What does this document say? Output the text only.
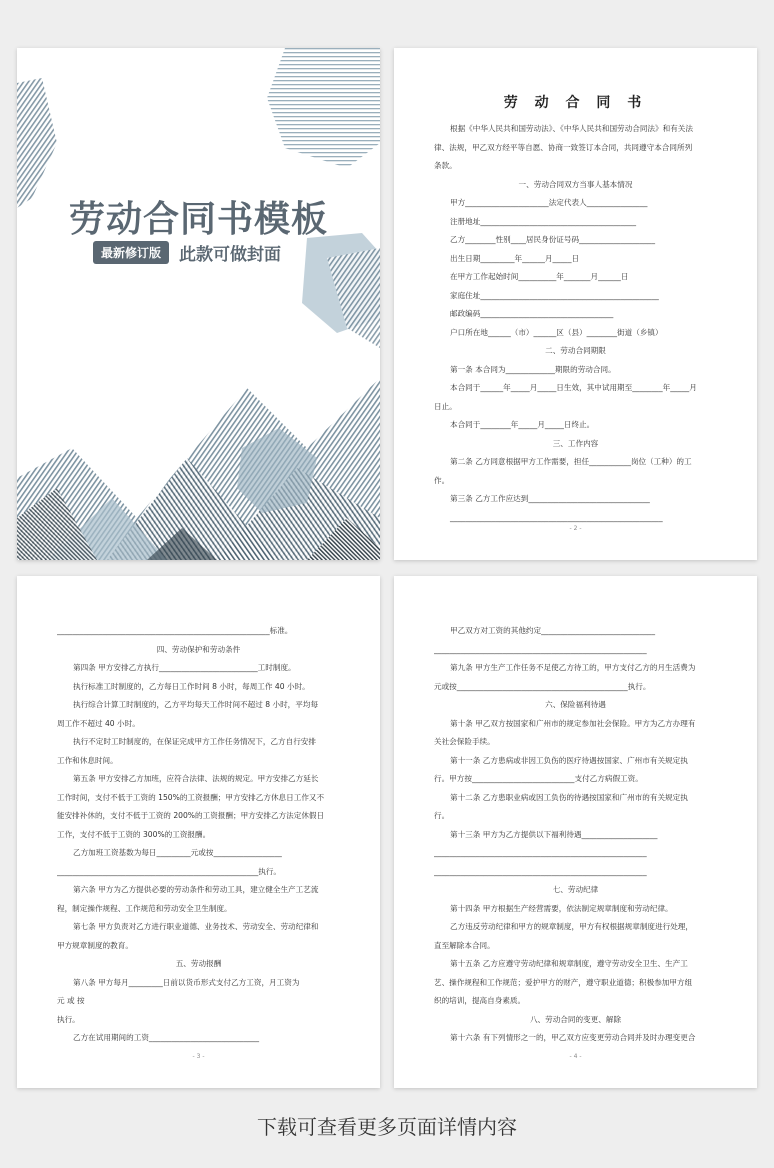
劳动合同书模板
最新修订版	此款可做封面
劳 动 合 同 书
根据《中华人民共和国劳动法》、《中华人民共和国劳动合同法》和有关法
律、法规，甲乙双方经平等自愿、协商一致签订本合同，共同遵守本合同所列
条款。
一、劳动合同双方当事人基本情况
甲方______________________法定代表人________________
注册地址_________________________________________
乙方________性别____居民身份证号码____________________
出生日期_________年______月_____日
在甲方工作起始时间__________年_______月______日
家庭住址_______________________________________________
邮政编码___________________________________
户口所在地______（市）______区（县）________街道（乡镇）
二、劳动合同期限
第一条 本合同为_____________期限的劳动合同。
本合同于______年_____月_____日生效，其中试用期至________年_____月
日止。
本合同于________年_____月_____日终止。
三、工作内容
第二条 乙方同意根据甲方工作需要，担任___________岗位（工种）的工
作。
第三条 乙方工作应达到________________________________
________________________________________________________
- 2 -
________________________________________________________标准。
四、劳动保护和劳动条件
第四条 甲方安排乙方执行__________________________工时制度。
执行标准工时制度的，乙方每日工作时间 8 小时，每周工作 40 小时。
执行综合计算工时制度的，乙方平均每天工作时间不超过 8 小时，平均每
周工作不超过 40 小时。
执行不定时工时制度的，在保证完成甲方工作任务情况下，乙方自行安排
工作和休息时间。
第五条 甲方安排乙方加班，应符合法律、法规的规定。甲方安排乙方延长
工作时间，支付不低于工资的 150%的工资报酬；甲方安排乙方休息日工作又不
能安排补休的，支付不低于工资的 200%的工资报酬；甲方安排乙方法定休假日
工作，支付不低于工资的 300%的工资报酬。
乙方加班工资基数为每日_________元或按__________________
_____________________________________________________执行。
第六条 甲方为乙方提供必要的劳动条件和劳动工具，建立健全生产工艺流
程，制定操作规程、工作规范和劳动安全卫生制度。
第七条 甲方负责对乙方进行职业道德、业务技术、劳动安全、劳动纪律和
甲方规章制度的教育。
五、劳动报酬
第八条 甲方每月_________日前以货币形式支付乙方工资，月工资为
元 或 按
执行。
乙方在试用期间的工资_____________________________
- 3 -
甲乙双方对工资的其他约定______________________________
________________________________________________________
第九条 甲方生产工作任务不足使乙方待工的，甲方支付乙方的月生活费为
元或按_____________________________________________执行。
六、保险福利待遇
第十条 甲乙双方按国家和广州市的规定参加社会保险。甲方为乙方办理有
关社会保险手续。
第十一条 乙方患病或非因工负伤的医疗待遇按国家、广州市有关规定执
行。甲方按___________________________支付乙方病假工资。
第十二条 乙方患职业病或因工负伤的待遇按国家和广州市的有关规定执
行。
第十三条 甲方为乙方提供以下福利待遇____________________
________________________________________________________
________________________________________________________
七、劳动纪律
第十四条 甲方根据生产经营需要，依法制定规章制度和劳动纪律。
乙方违反劳动纪律和甲方的规章制度，甲方有权根据规章制度进行处理，
直至解除本合同。
第十五条 乙方应遵守劳动纪律和规章制度，遵守劳动安全卫生、生产工
艺、操作规程和工作规范；爱护甲方的财产，遵守职业道德；积极参加甲方组
织的培训，提高自身素质。
八、劳动合同的变更、解除
第十六条 有下列情形之一的，甲乙双方应变更劳动合同并及时办理变更合
- 4 -
下载可查看更多页面详情内容
